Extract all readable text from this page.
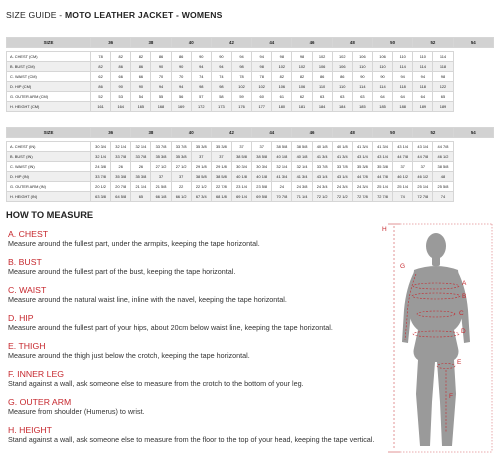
SIZE GUIDE - MOTO LEATHER JACKET - WOMENS
SIZE	36		38		40		42		44		46		48		50		52		54

A. CHEST (CM)	78	82	82	86	86	90	90	94	94	98	98	102	102	106	106	110	110	114	
B. BUST (CM)	82	86	86	90	90	94	94	98	98	102	102	106	106	110	110	114	114	118	
C. WAIST (CM)	62	66	66	70	70	74	74	78	78	82	82	86	86	90	90	94	94	98	
D. HIP (CM)	86	90	90	94	94	98	98	102	102	106	106	110	110	114	114	118	118	122	
G. OUTER ARM (CM)	52	53	54	55	56	57	58	59	60	61	62	63	63	63	64	64	64	65	
H. HEIGHT (CM)	161	164	165	168	169	172	173	176	177	180	181	184	184	185	185	188	189	189	
SIZE	36		38		40		42		44		46		48		50		52		54

A. CHEST (IN)	30 3/4	32 1/4	32 1/4	33 7/8	33 7/8	35 3/8	35 3/8	37	37	38 5/8	38 5/8	40 1/8	40 1/8	41 3/4	41 3/4	43 1/4	43 1/4	44 7/8	
B. BUST (IN)	32 1/4	33 7/8	33 7/8	35 3/8	35 3/8	37	37	38 5/8	38 5/8	40 1/8	40 1/8	41 3/4	41 3/4	43 1/4	43 1/4	44 7/8	44 7/8	46 1/2	
C. WAIST (IN)	24 3/8	26	26	27 1/2	27 1/2	29 1/8	29 1/8	30 3/4	30 3/4	32 1/4	32 1/4	33 7/8	33 7/8	35 3/8	35 3/8	37	37	38 5/8	
D. HIP (IN)	33 7/8	35 3/8	35 3/8	37	37	38 5/8	38 5/8	40 1/8	40 1/8	41 3/4	41 3/4	43 1/4	43 1/4	44 7/8	44 7/8	46 1/2	46 1/2	48	
G. OUTER ARM (IN)	20 1/2	20 7/8	21 1/4	21 5/8	22	22 1/2	22 7/8	23 1/4	23 5/8	24	24 3/8	24 3/4	24 3/4	24 3/4	25 1/4	25 1/4	25 1/4	25 5/8	
H. HEIGHT (IN)	63 3/8	64 5/8	65	66 1/8	66 1/2	67 3/4	68 1/8	69 1/4	69 5/8	70 7/8	71 1/4	72 1/2	72 1/2	72 7/8	72 7/8	74	72 7/8	74	
HOW TO MEASURE
A. CHEST
Measure around the fullest part, under the armpits, keeping the tape horizontal.
B. BUST
Measure around the fullest part of the bust, keeping the tape horizontal.
C. WAIST
Measure around the natural waist line, inline with the navel, keeping the tape horizontal.
D. HIP
Measure around the fullest part of your hips, about 20cm below waist line, keeping the tape horizontal.
E. THIGH
Measure around the thigh just below the crotch, keeping the tape horizontal.
F. INNER LEG
Stand against a wall, ask someone else to measure from the crotch to the bottom of your leg.
G. OUTER ARM
Measure from shoulder (Humerus) to wrist.
H. HEIGHT
Stand against a wall, ask someone else to measure from the floor to the top of your head, keeping the tape vertical.
H
G
A
B
C
D
E
F
